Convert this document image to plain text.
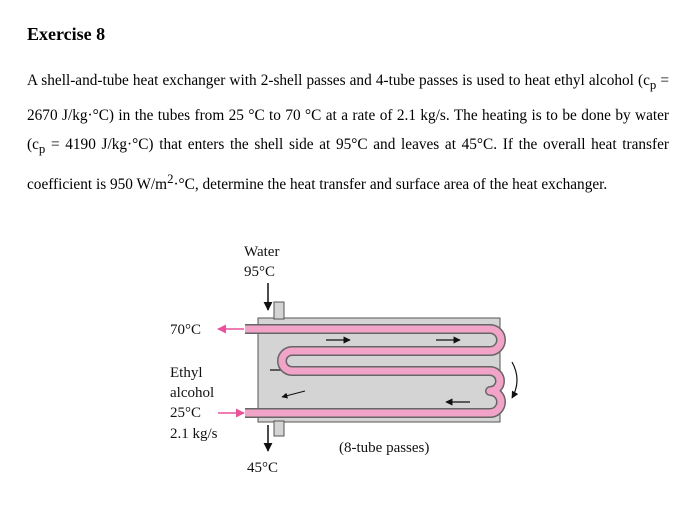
Exercise 8

A shell-and-tube heat exchanger with 2-shell passes and 4-tube passes is used to heat ethyl alcohol ($c_p = 2670$ J/kg·°C) in the tubes from 25 °C to 70 °C at a rate of 2.1 kg/s. The heating is to be done by water ($c_p = 4190$ J/kg·°C) that enters the shell side at 95°C and leaves at 45°C. If the overall heat transfer coefficient is 950 $W/m^2\cdot^\circ C$, determine the heat transfer and surface area of the heat exchanger.

Water
95°C
70°C
Ethyl
alcohol
25°C
2.1 kg/s
45°C
(8-tube passes)
